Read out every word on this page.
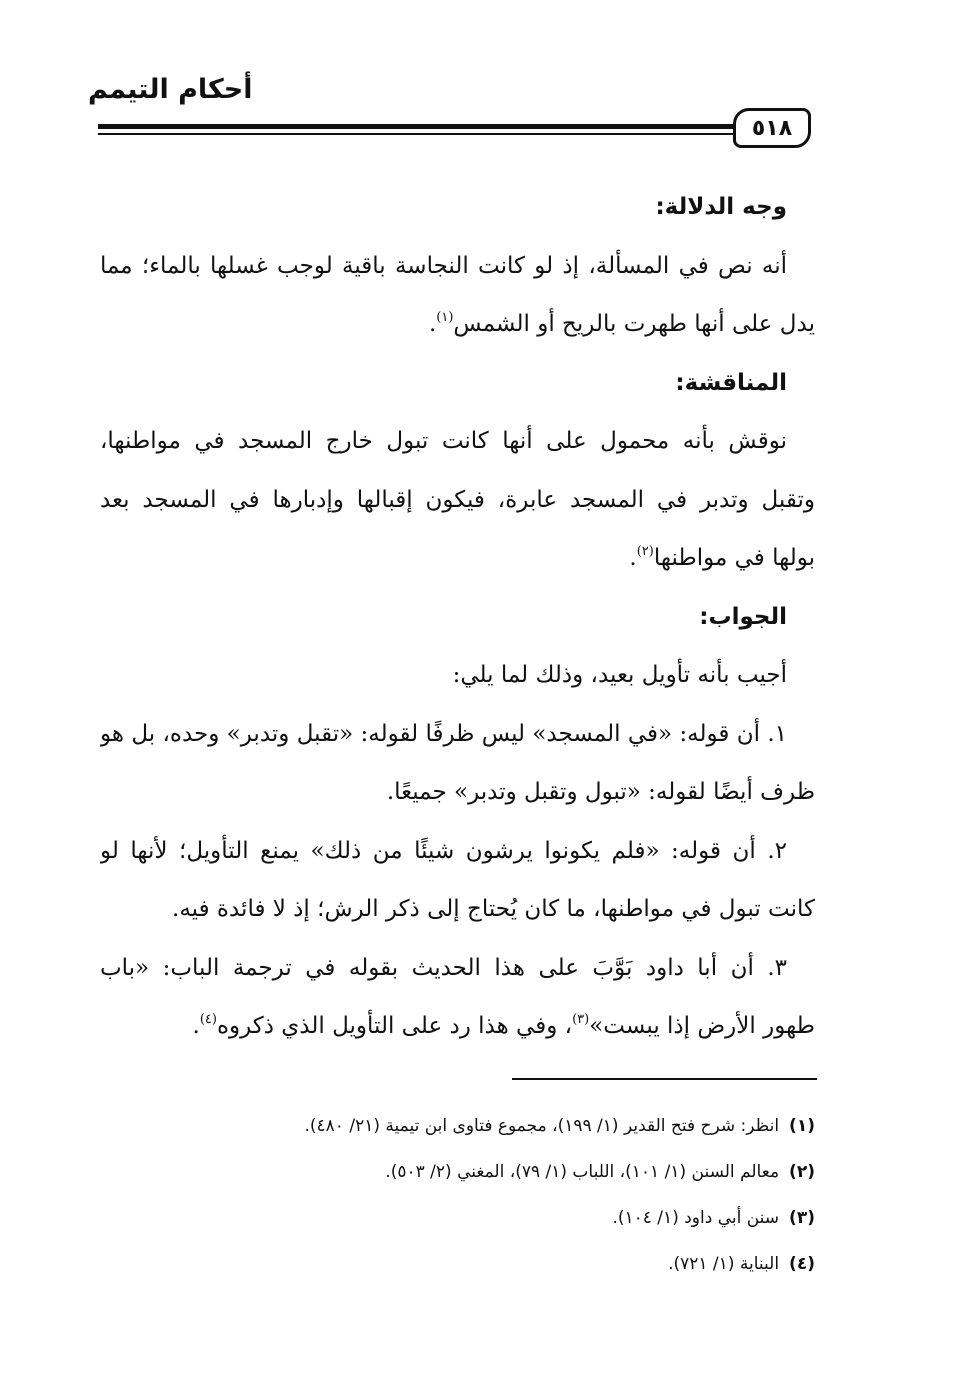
أحكام التيمم
٥١٨
وجه الدلالة:
أنه نص في المسألة، إذ لو كانت النجاسة باقية لوجب غسلها بالماء؛ مما
يدل على أنها طهرت بالريح أو الشمس$^{(١)}$.
المناقشة:
نوقش بأنه محمول على أنها كانت تبول خارج المسجد في مواطنها،
وتقبل وتدبر في المسجد عابرة، فيكون إقبالها وإدبارها في المسجد بعد
بولها في مواطنها$^{(٢)}$.
الجواب:
أجيب بأنه تأويل بعيد، وذلك لما يلي:
١. أن قوله: «في المسجد» ليس ظرفًا لقوله: «تقبل وتدبر» وحده، بل هو
ظرف أيضًا لقوله: «تبول وتقبل وتدبر» جميعًا.
٢. أن قوله: «فلم يكونوا يرشون شيئًا من ذلك» يمنع التأويل؛ لأنها لو
كانت تبول في مواطنها، ما كان يُحتاج إلى ذكر الرش؛ إذ لا فائدة فيه.
٣. أن أبا داود بَوَّبَ على هذا الحديث بقوله في ترجمة الباب: «باب
طهور الأرض إذا يبست»$^{(٣)}$، وفي هذا رد على التأويل الذي ذكروه$^{(٤)}$.
(١)انظر: شرح فتح القدير (١/ ١٩٩)، مجموع فتاوى ابن تيمية (٢١/ ٤٨٠).
(٢)معالم السنن (١/ ١٠١)، اللباب (١/ ٧٩)، المغني (٢/ ٥٠٣).
(٣)سنن أبي داود (١/ ١٠٤).
(٤)البناية (١/ ٧٢١).
